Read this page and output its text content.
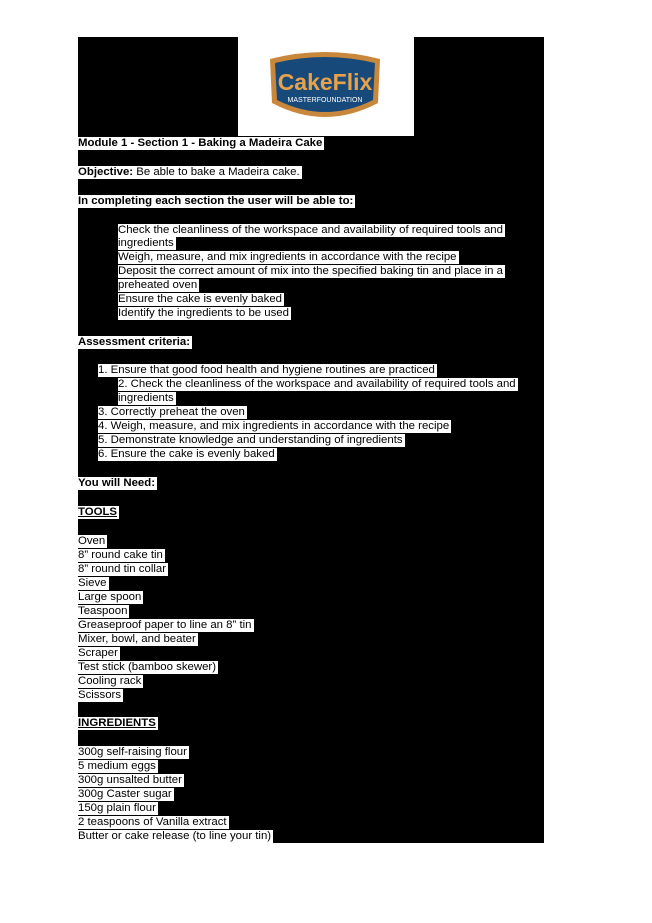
CakeFlix
MASTERFOUNDATION
Module 1 - Section 1 - Baking a Madeira Cake
Objective: Be able to bake a Madeira cake.
In completing each section the user will be able to:
Check the cleanliness of the workspace and availability of required tools and
ingredients
Weigh, measure, and mix ingredients in accordance with the recipe
Deposit the correct amount of mix into the specified baking tin and place in a
preheated oven
Ensure the cake is evenly baked
Identify the ingredients to be used
Assessment criteria:
1. Ensure that good food health and hygiene routines are practiced
2. Check the cleanliness of the workspace and availability of required tools and
ingredients
3. Correctly preheat the oven
4. Weigh, measure, and mix ingredients in accordance with the recipe
5. Demonstrate knowledge and understanding of ingredients
6. Ensure the cake is evenly baked
You will Need:
TOOLS
Oven
8” round cake tin
8” round tin collar
Sieve
Large spoon
Teaspoon
Greaseproof paper to line an 8” tin
Mixer, bowl, and beater
Scraper
Test stick (bamboo skewer)
Cooling rack
Scissors
INGREDIENTS
300g self-raising flour
5 medium eggs
300g unsalted butter
300g Caster sugar
150g plain flour
2 teaspoons of Vanilla extract
Butter or cake release (to line your tin)
